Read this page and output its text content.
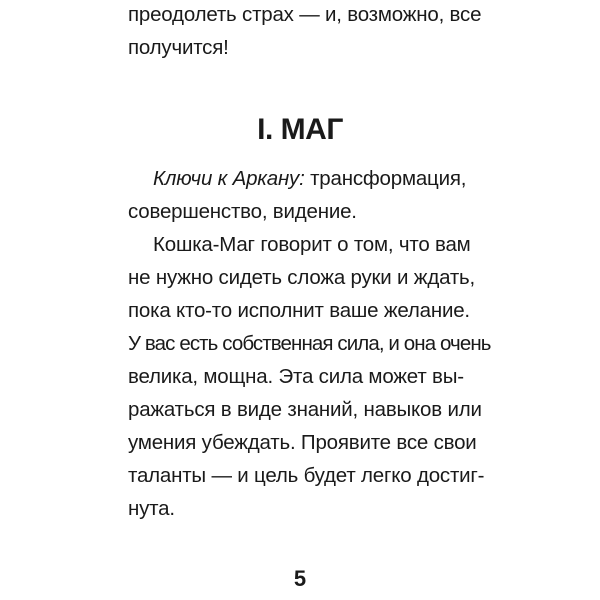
преодолеть страх — и, возможно, все

получится!

I. МАГ

Ключи к Аркану: трансформация,

совершенство, видение.

Кошка-Маг говорит о том, что вам

не нужно сидеть сложа руки и ждать,

пока кто-то исполнит ваше желание.

У вас есть собственная сила, и она очень

велика, мощна. Эта сила может вы-

ражаться в виде знаний, навыков или

умения убеждать. Проявите все свои

таланты — и цель будет легко достиг-

нута.

5
